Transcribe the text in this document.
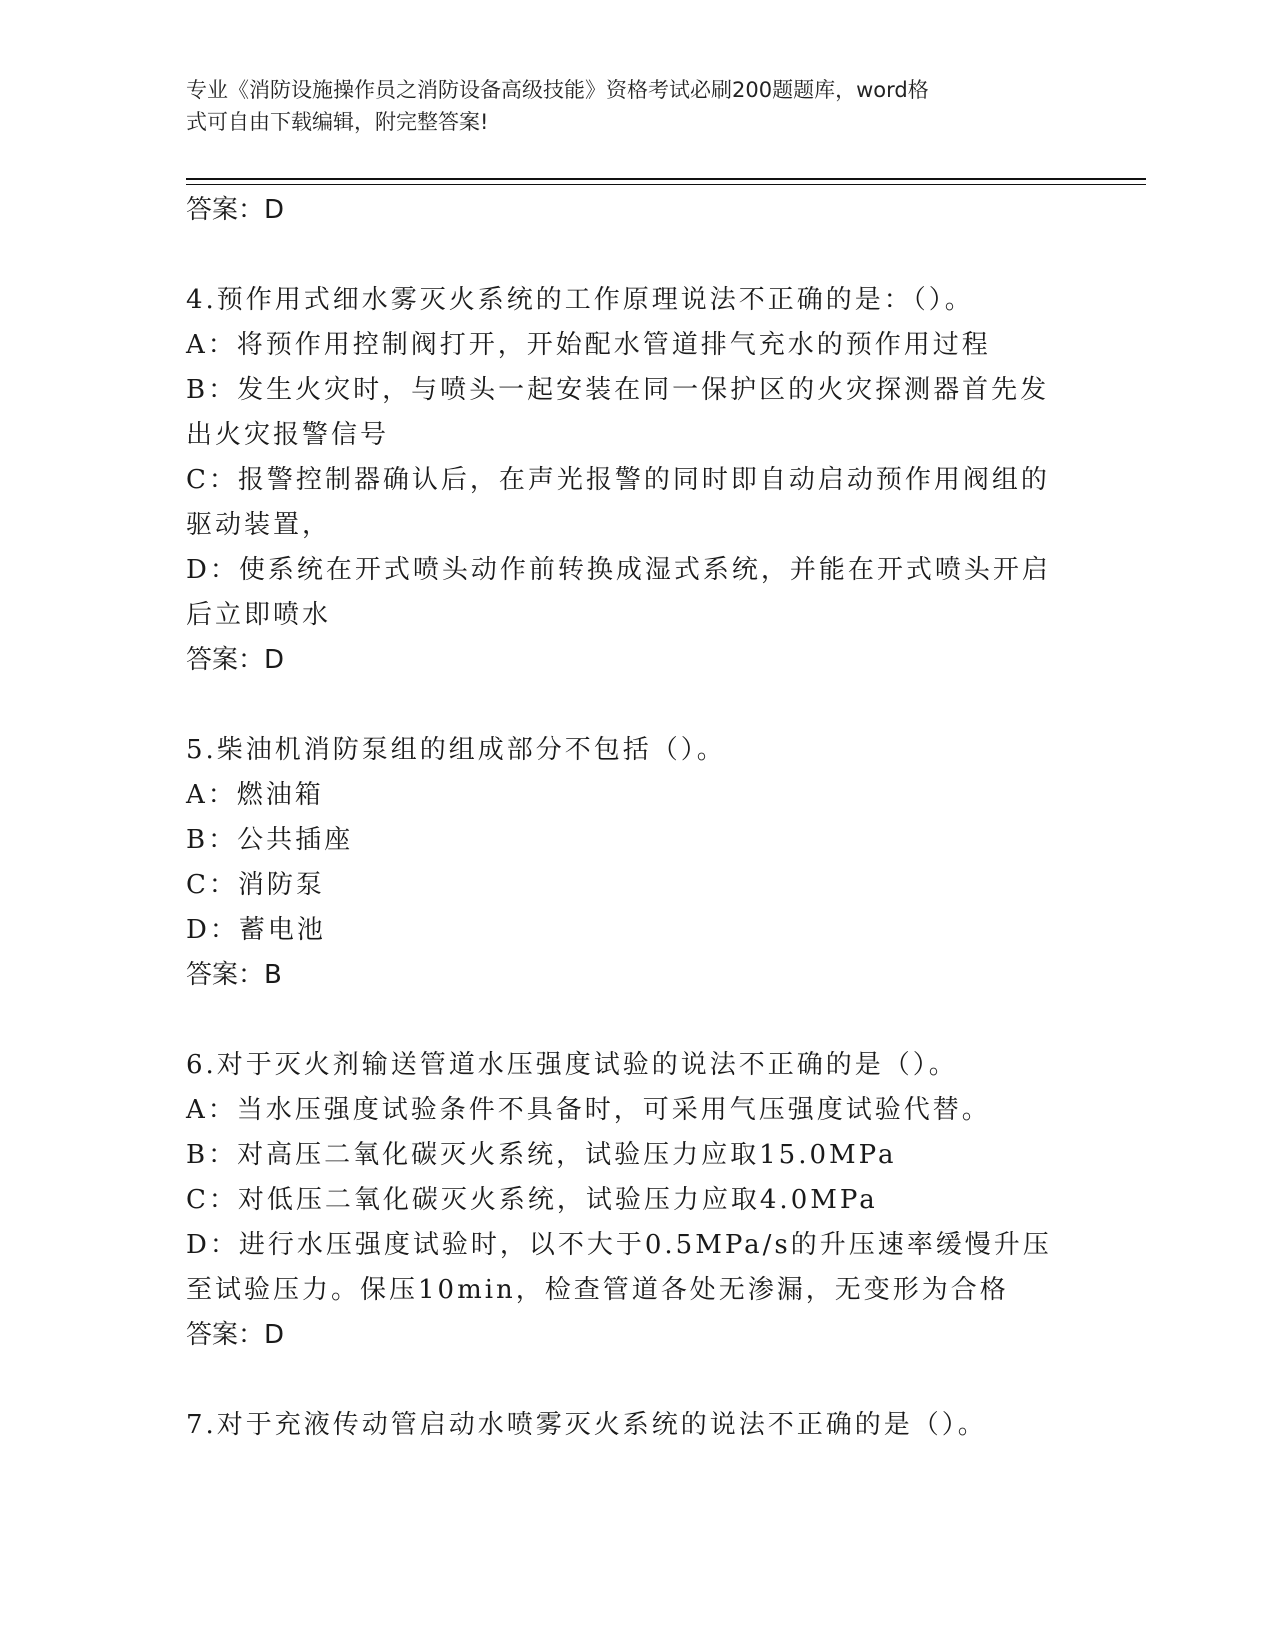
专业《消防设施操作员之消防设备高级技能》资格考试必刷200题题库，word格
式可自由下载编辑，附完整答案!

答案：D

4.预作用式细水雾灭火系统的工作原理说法不正确的是：（）。

A：将预作用控制阀打开，开始配水管道排气充水的预作用过程

B：发生火灾时，与喷头一起安装在同一保护区的火灾探测器首先发出火灾报警信号

C：报警控制器确认后，在声光报警的同时即自动启动预作用阀组的驱动装置，

D：使系统在开式喷头动作前转换成湿式系统，并能在开式喷头开启后立即喷水

答案：D

5.柴油机消防泵组的组成部分不包括（）。

A：燃油箱

B：公共插座

C：消防泵

D：蓄电池

答案：B

6.对于灭火剂输送管道水压强度试验的说法不正确的是（）。

A：当水压强度试验条件不具备时，可采用气压强度试验代替。

B：对高压二氧化碳灭火系统，试验压力应取15.0MPa

C：对低压二氧化碳灭火系统，试验压力应取4.0MPa

D：进行水压强度试验时，以不大于0.5MPa/s的升压速率缓慢升压至试验压力。保压10min，检查管道各处无渗漏，无变形为合格

答案：D

7.对于充液传动管启动水喷雾灭火系统的说法不正确的是（）。
